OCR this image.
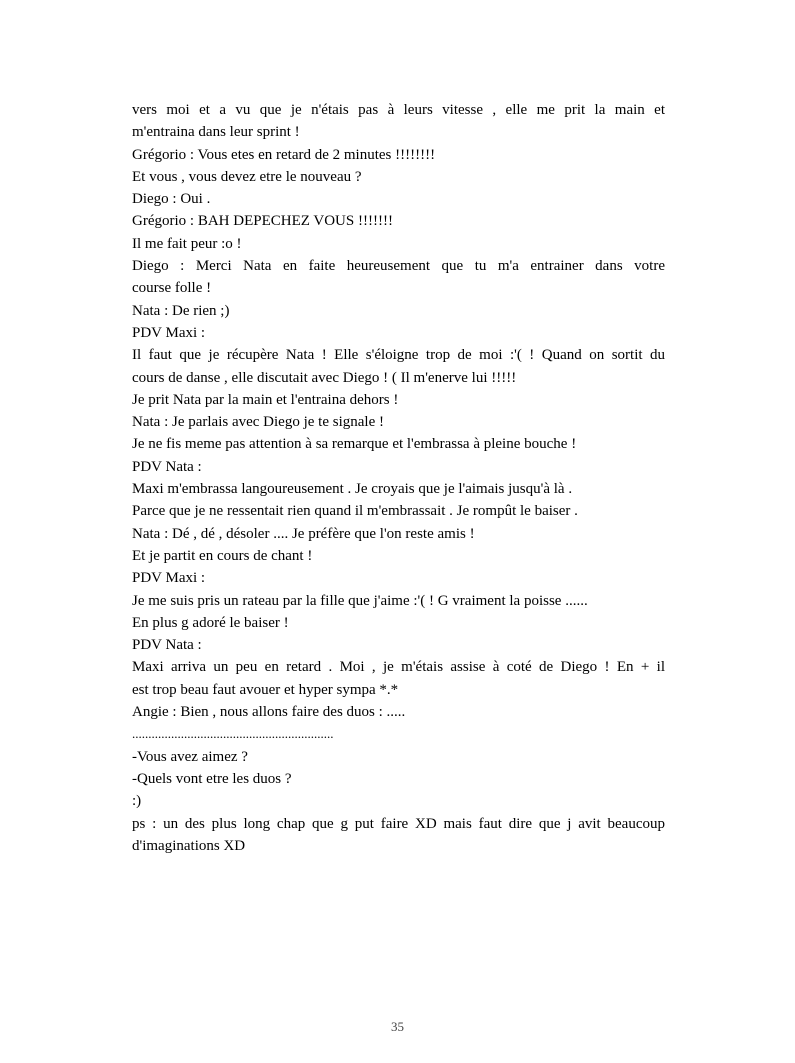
vers moi et a vu que je n'étais pas à leurs vitesse , elle me prit la main et

m'entraina dans leur sprint !

Grégorio : Vous etes en retard de 2 minutes !!!!!!!!

Et vous , vous devez etre le nouveau ?

Diego : Oui .

Grégorio : BAH DEPECHEZ VOUS !!!!!!!

Il me fait peur :o !

Diego : Merci Nata en faite heureusement que tu m'a entrainer dans votre

course folle !

Nata : De rien ;)

PDV Maxi :

Il faut que je récupère Nata ! Elle s'éloigne trop de moi :'( ! Quand on sortit du

cours de danse , elle discutait avec Diego ! ( Il m'enerve lui !!!!!

Je prit Nata par la main et l'entraina dehors !

Nata : Je parlais avec Diego je te signale !

Je ne fis meme pas attention à sa remarque et l'embrassa à pleine bouche !

PDV Nata :

Maxi m'embrassa langoureusement . Je croyais que je l'aimais jusqu'à là .

Parce que je ne ressentait rien quand il m'embrassait . Je rompût le baiser .

Nata : Dé , dé , désoler .... Je préfère que l'on reste amis !

Et je partit en cours de chant !

PDV Maxi :

Je me suis pris un rateau par la fille que j'aime :'( ! G vraiment la poisse ......

En plus g adoré le baiser !

PDV Nata :

Maxi arriva un peu en retard . Moi , je m'étais assise à coté de Diego ! En + il

est trop beau faut avouer et hyper sympa *.*

Angie : Bien , nous allons faire des duos : .....

..............................................................

-Vous avez aimez ?

-Quels vont etre les duos ?

:)

ps : un des plus long chap que g put faire XD mais faut dire que j avit beaucoup

d'imaginations XD

35
